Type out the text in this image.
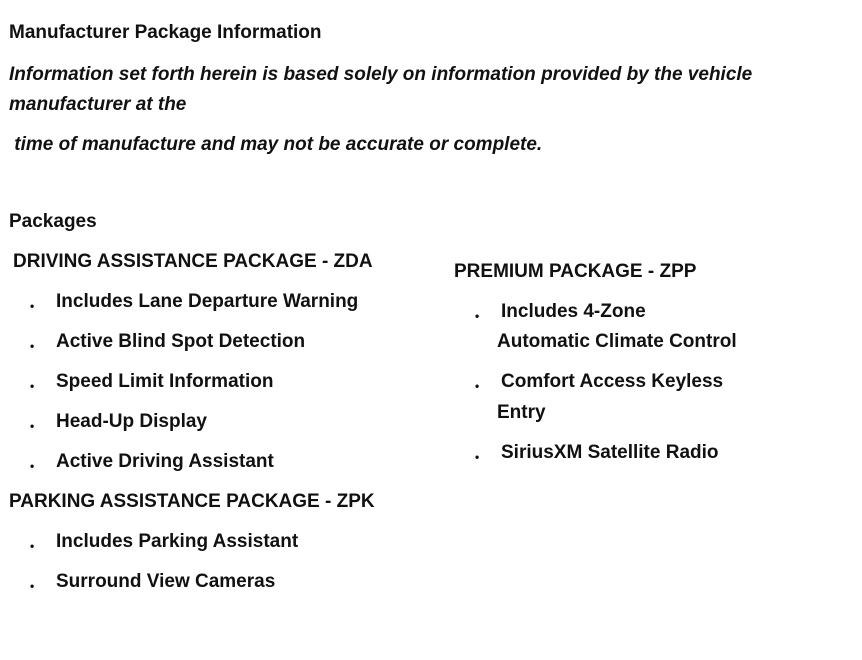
Manufacturer Package Information
Information set forth herein is based solely on information provided by the vehicle
manufacturer at the
time of manufacture and may not be accurate or complete.
Packages
DRIVING ASSISTANCE PACKAGE - ZDA
• Includes Lane Departure Warning
• Active Blind Spot Detection
• Speed Limit Information
• Head-Up Display
• Active Driving Assistant
PARKING ASSISTANCE PACKAGE - ZPK
• Includes Parking Assistant
• Surround View Cameras
PREMIUM PACKAGE - ZPP
• Includes 4-Zone
Automatic Climate Control
• Comfort Access Keyless
Entry
• SiriusXM Satellite Radio
